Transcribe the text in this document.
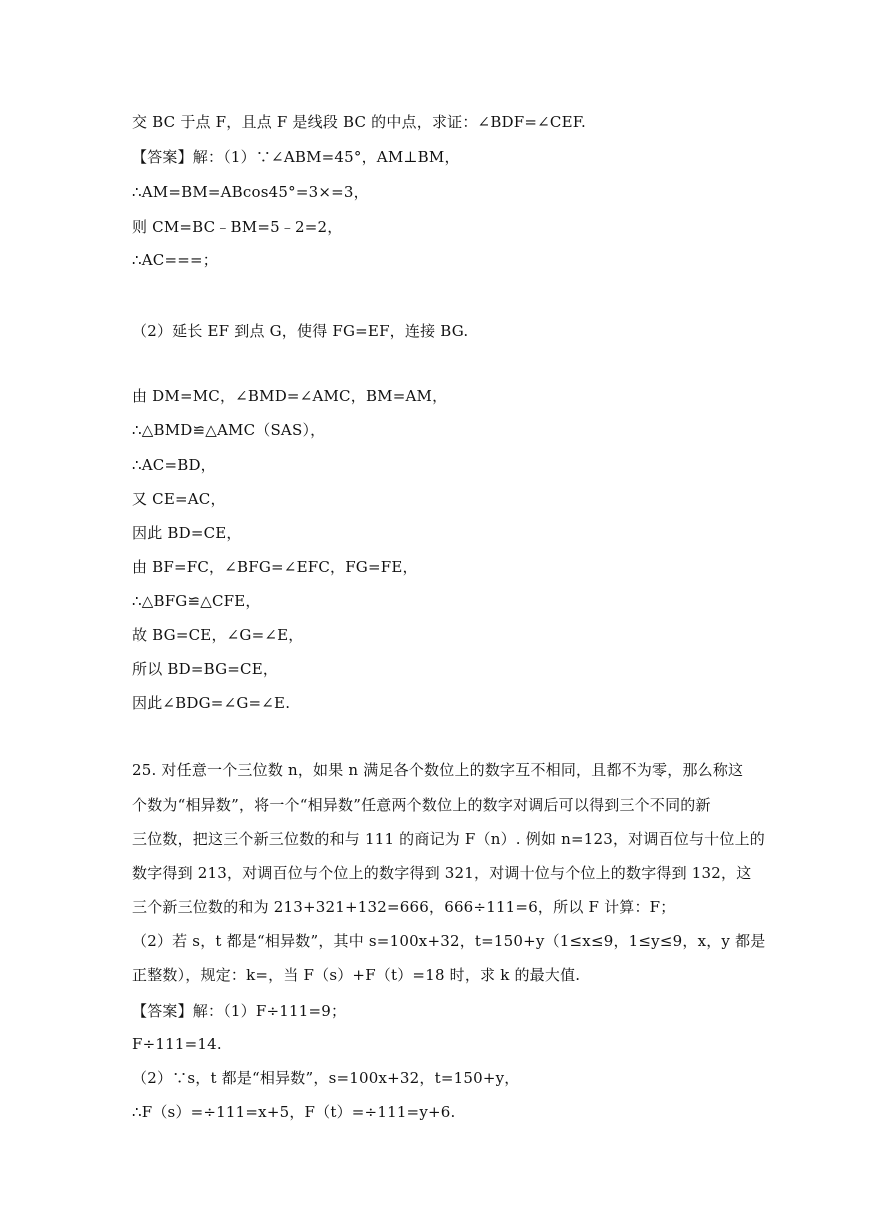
交 BC 于点 F，且点 F 是线段 BC 的中点，求证：∠BDF=∠CEF.
【答案】解：（1）∵∠ABM=45°，AM⊥BM，
∴AM=BM=ABcos45°=3×=3，
则 CM=BC﹣BM=5﹣2=2，
∴AC===；
（2）延长 EF 到点 G，使得 FG=EF，连接 BG.
由 DM=MC，∠BMD=∠AMC，BM=AM，
∴△BMD≌△AMC（SAS），
∴AC=BD，
又 CE=AC，
因此 BD=CE，
由 BF=FC，∠BFG=∠EFC，FG=FE，
∴△BFG≌△CFE，
故 BG=CE，∠G=∠E，
所以 BD=BG=CE，
因此∠BDG=∠G=∠E.
25. 对任意一个三位数 n，如果 n 满足各个数位上的数字互不相同，且都不为零，那么称这
个数为“相异数”，将一个“相异数”任意两个数位上的数字对调后可以得到三个不同的新
三位数，把这三个新三位数的和与 111 的商记为 F（n）. 例如 n=123，对调百位与十位上的
数字得到 213，对调百位与个位上的数字得到 321，对调十位与个位上的数字得到 132，这
三个新三位数的和为 213+321+132=666，666÷111=6，所以 F 计算：F；
（2）若 s，t 都是“相异数”，其中 s=100x+32，t=150+y（1≤x≤9，1≤y≤9，x，y 都是
正整数），规定：k=，当 F（s）+F（t）=18 时，求 k 的最大值.
【答案】解：（1）F÷111=9；
F÷111=14.
（2）∵s，t 都是“相异数”，s=100x+32，t=150+y，
∴F（s）=÷111=x+5，F（t）=÷111=y+6.
